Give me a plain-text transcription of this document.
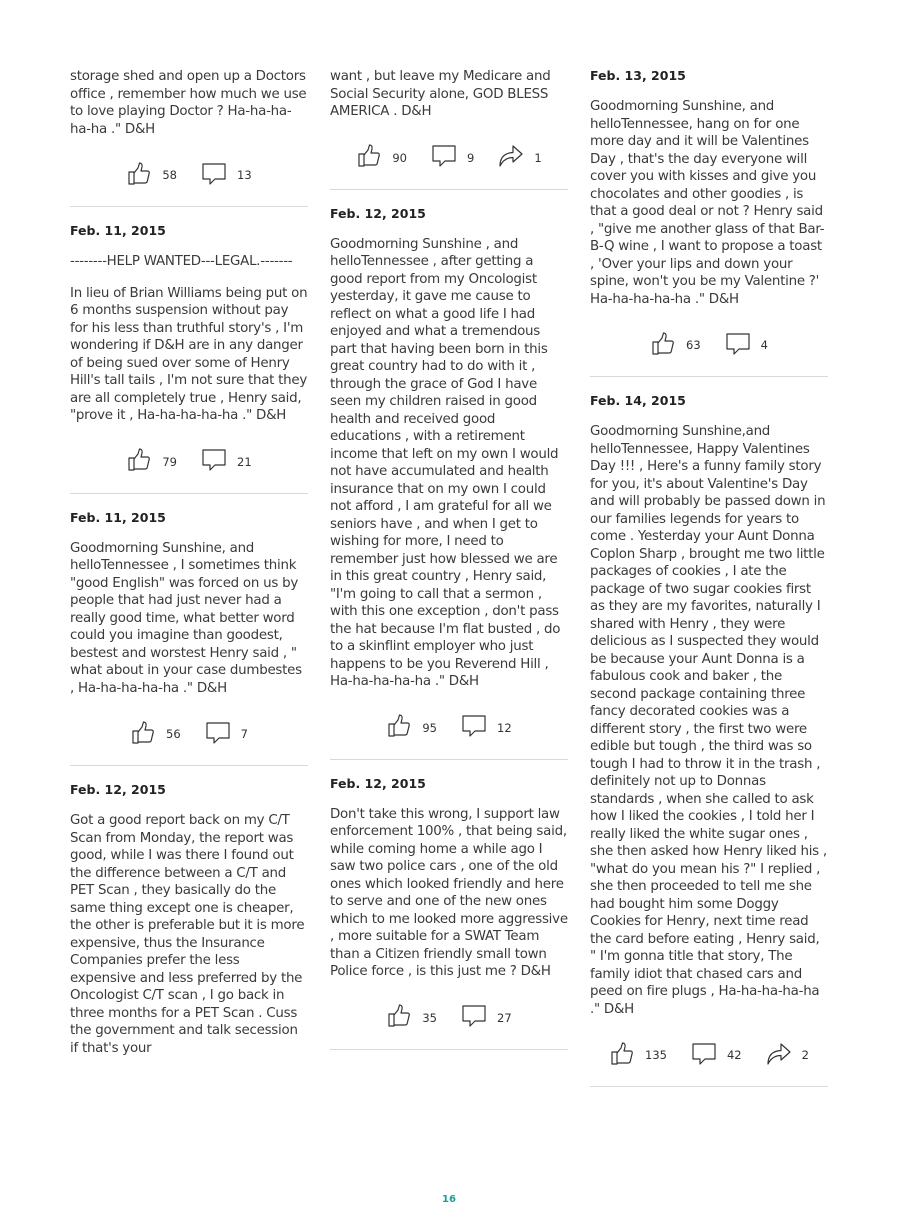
storage shed and open up a Doctors office , remember how much we use to love playing Doctor ? Ha-ha-ha-ha-ha ." D&H

58	13
Feb. 11, 2015

--------HELP WANTED---LEGAL.-------

In lieu of Brian Williams being put on 6 months suspension without pay for his less than truthful story's , I'm wondering if D&H are in any danger of being sued over some of Henry Hill's tall tails , I'm not sure that they are all completely true , Henry said, "prove it , Ha-ha-ha-ha-ha ." D&H

79	21
Feb. 11, 2015

Goodmorning Sunshine, and helloTennessee , I sometimes think "good English" was forced on us by people that had just never had a really good time, what better word could you imagine than goodest, bestest and worstest Henry said , " what about in your case dumbestes , Ha-ha-ha-ha-ha ." D&H

56	7
Feb. 12, 2015

Got a good report back on my C/T Scan from Monday, the report was good, while I was there I found out the difference between a C/T and PET Scan , they basically do the same thing except one is cheaper, the other is preferable but it is more expensive, thus the Insurance Companies prefer the less expensive and less preferred by the Oncologist C/T scan , I go back in three months for a PET Scan . Cuss the government and talk secession if that's your

want , but leave my Medicare and Social Security alone, GOD BLESS AMERICA . D&H

90	9	1
Feb. 12, 2015

Goodmorning Sunshine , and helloTennessee , after getting a good report from my Oncologist yesterday, it gave me cause to reflect on what a good life I had enjoyed and what a tremendous part that having been born in this great country had to do with it , through the grace of God I have seen my children raised in good health and received good educations , with a retirement income that left on my own I would not have accumulated and health insurance that on my own I could not afford , I am grateful for all we seniors have , and when I get to wishing for more, I need to remember just how blessed we are in this great country , Henry said, "I'm going to call that a sermon , with this one exception , don't pass the hat because I'm flat busted , do to a skinflint employer who just happens to be you Reverend Hill , Ha-ha-ha-ha-ha ." D&H

95	12
Feb. 12, 2015

Don't take this wrong, I support law enforcement 100% , that being said, while coming home a while ago I saw two police cars , one of the old ones which looked friendly and here to serve and one of the new ones which to me looked more aggressive , more suitable for a SWAT Team than a Citizen friendly small town Police force , is this just me ? D&H

35	27
Feb. 13, 2015

Goodmorning Sunshine, and helloTennessee, hang on for one more day and it will be Valentines Day , that's the day everyone will cover you with kisses and give you chocolates and other goodies , is that a good deal or not ? Henry said , "give me another glass of that Bar-B-Q wine , I want to propose a toast , 'Over your lips and down your spine, won't you be my Valentine ?' Ha-ha-ha-ha-ha ." D&H

63	4
Feb. 14, 2015

Goodmorning Sunshine,and helloTennessee, Happy Valentines Day !!! , Here's a funny family story for you, it's about Valentine's Day and will probably be passed down in our families legends for years to come . Yesterday your Aunt Donna Coplon Sharp , brought me two little packages of cookies , I ate the package of two sugar cookies first as they are my favorites, naturally I shared with Henry , they were delicious as I suspected they would be because your Aunt Donna is a fabulous cook and baker , the second package containing three fancy decorated cookies was a different story , the first two were edible but tough , the third was so tough I had to throw it in the trash , definitely not up to Donnas standards , when she called to ask how I liked the cookies , I told her I really liked the white sugar ones , she then asked how Henry liked his , "what do you mean his ?" I replied , she then proceeded to tell me she had bought him some Doggy Cookies for Henry, next time read the card before eating , Henry said, " I'm gonna title that story, The family idiot that chased cars and peed on fire plugs , Ha-ha-ha-ha-ha ." D&H

135	42	2
16
